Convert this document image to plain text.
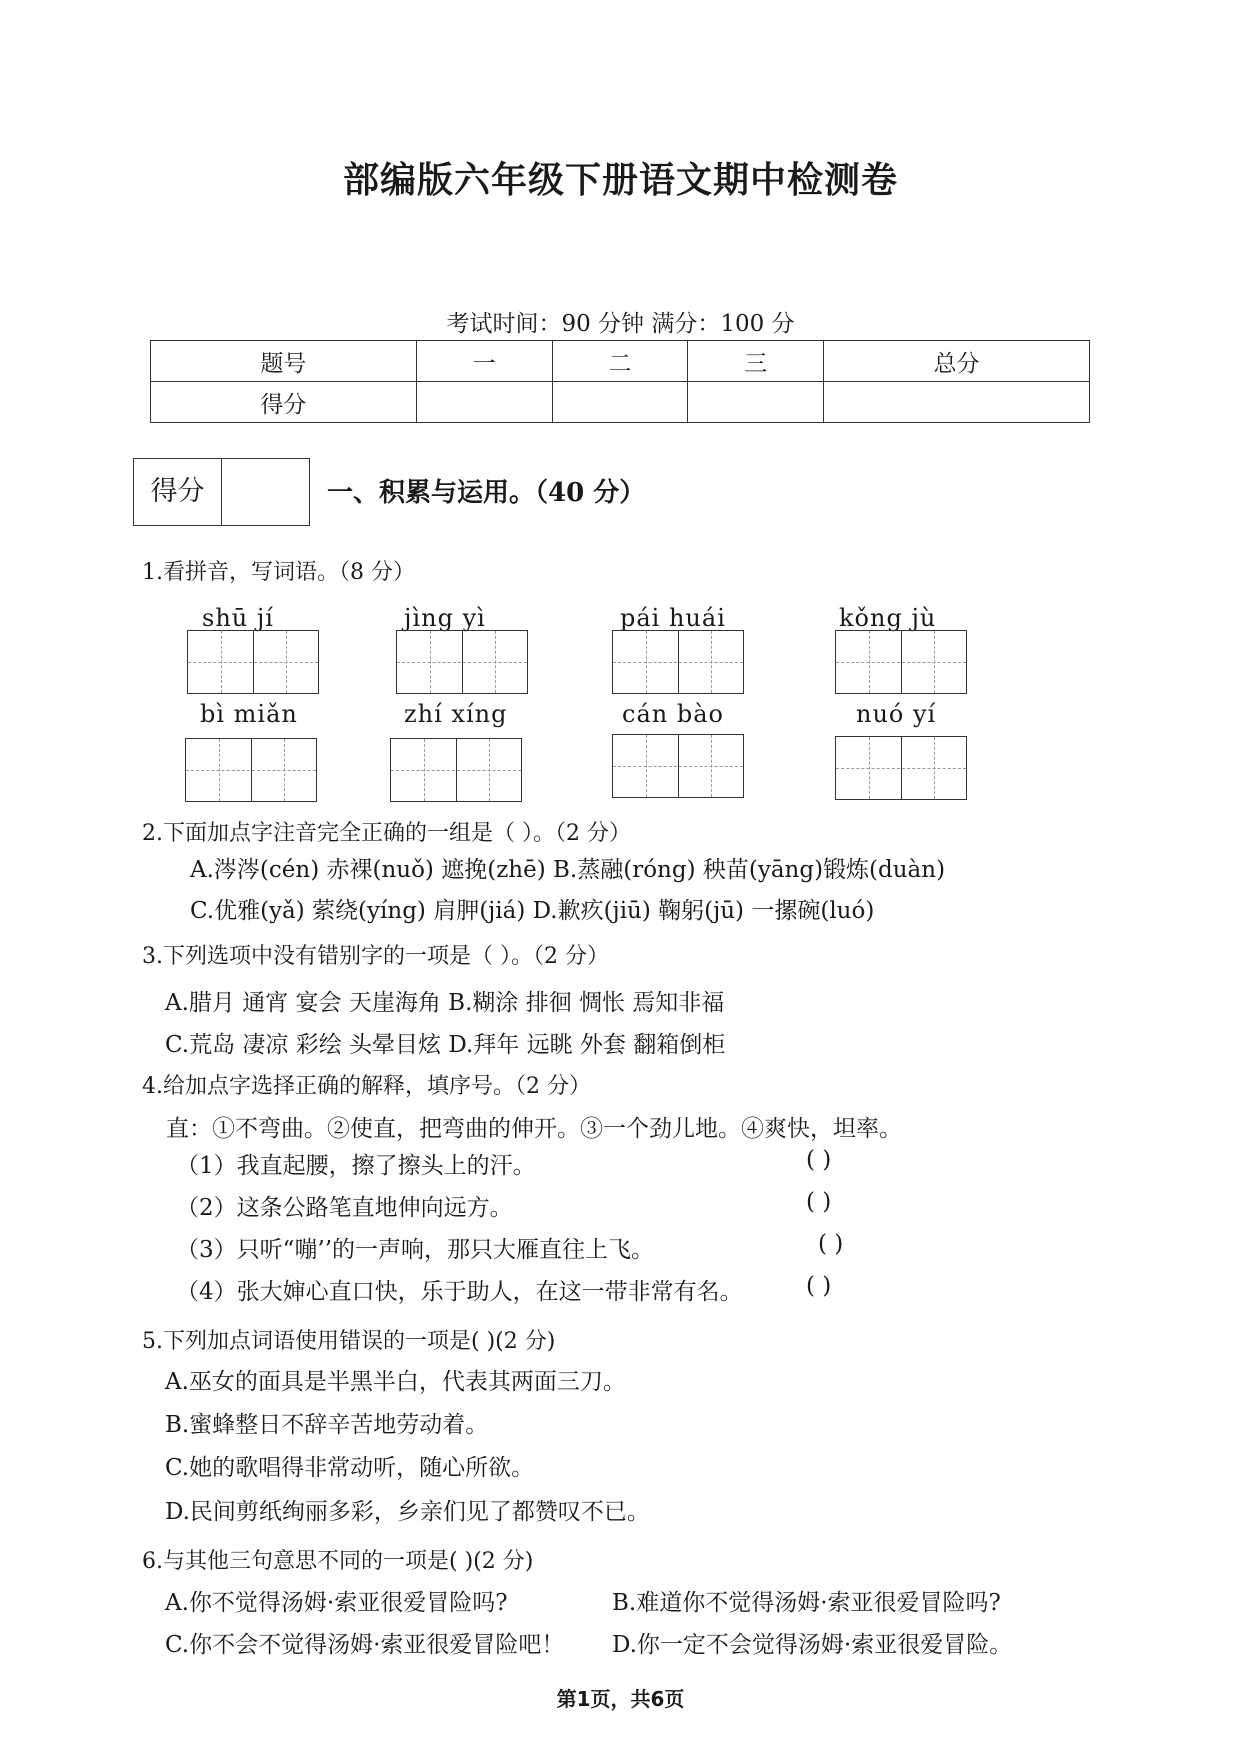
部编版六年级下册语文期中检测卷
考试时间：90 分钟 满分：100 分
题号	一	二	三	总分
得分				
得分	一、积累与运用。（40 分）
1.看拼音，写词语。（8 分）
shū jí	jìng yì	pái huái	kǒng jù
bì miǎn	zhí xíng	cán bào	nuó yí
2.下面加点字注音完全正确的一组是（ ）。（2 分）
A.涔涔(cén) 赤裸(nuǒ) 遮挽(zhē) B.蒸融(róng) 秧苗(yāng)锻炼(duàn)
C.优雅(yǎ) 萦绕(yíng) 肩胛(jiá) D.歉疚(jiū) 鞠躬(jū) 一摞碗(luó)
3.下列选项中没有错别字的一项是（ ）。（2 分）
A.腊月 通宵 宴会 天崖海角 B.糊涂 排徊 惆怅 焉知非福
C.荒岛 凄凉 彩绘 头晕目炫 D.拜年 远眺 外套 翻箱倒柜
4.给加点字选择正确的解释，填序号。（2 分）
直：①不弯曲。②使直，把弯曲的伸开。③一个劲儿地。④爽快，坦率。
（1）我直起腰，擦了擦头上的汗。	( )
（2）这条公路笔直地伸向远方。	( )
（3）只听“嘣’’的一声响，那只大雁直往上飞。	( )
（4）张大婶心直口快，乐于助人，在这一带非常有名。	( )
5.下列加点词语使用错误的一项是( )(2 分)
A.巫女的面具是半黑半白，代表其两面三刀。
B.蜜蜂整日不辞辛苦地劳动着。
C.她的歌唱得非常动听，随心所欲。
D.民间剪纸绚丽多彩，乡亲们见了都赞叹不已。
6.与其他三句意思不同的一项是( )(2 分)
A.你不觉得汤姆·索亚很爱冒险吗?	B.难道你不觉得汤姆·索亚很爱冒险吗?
C.你不会不觉得汤姆·索亚很爱冒险吧！ D.你一定不会觉得汤姆·索亚很爱冒险。
第1页，共6页
